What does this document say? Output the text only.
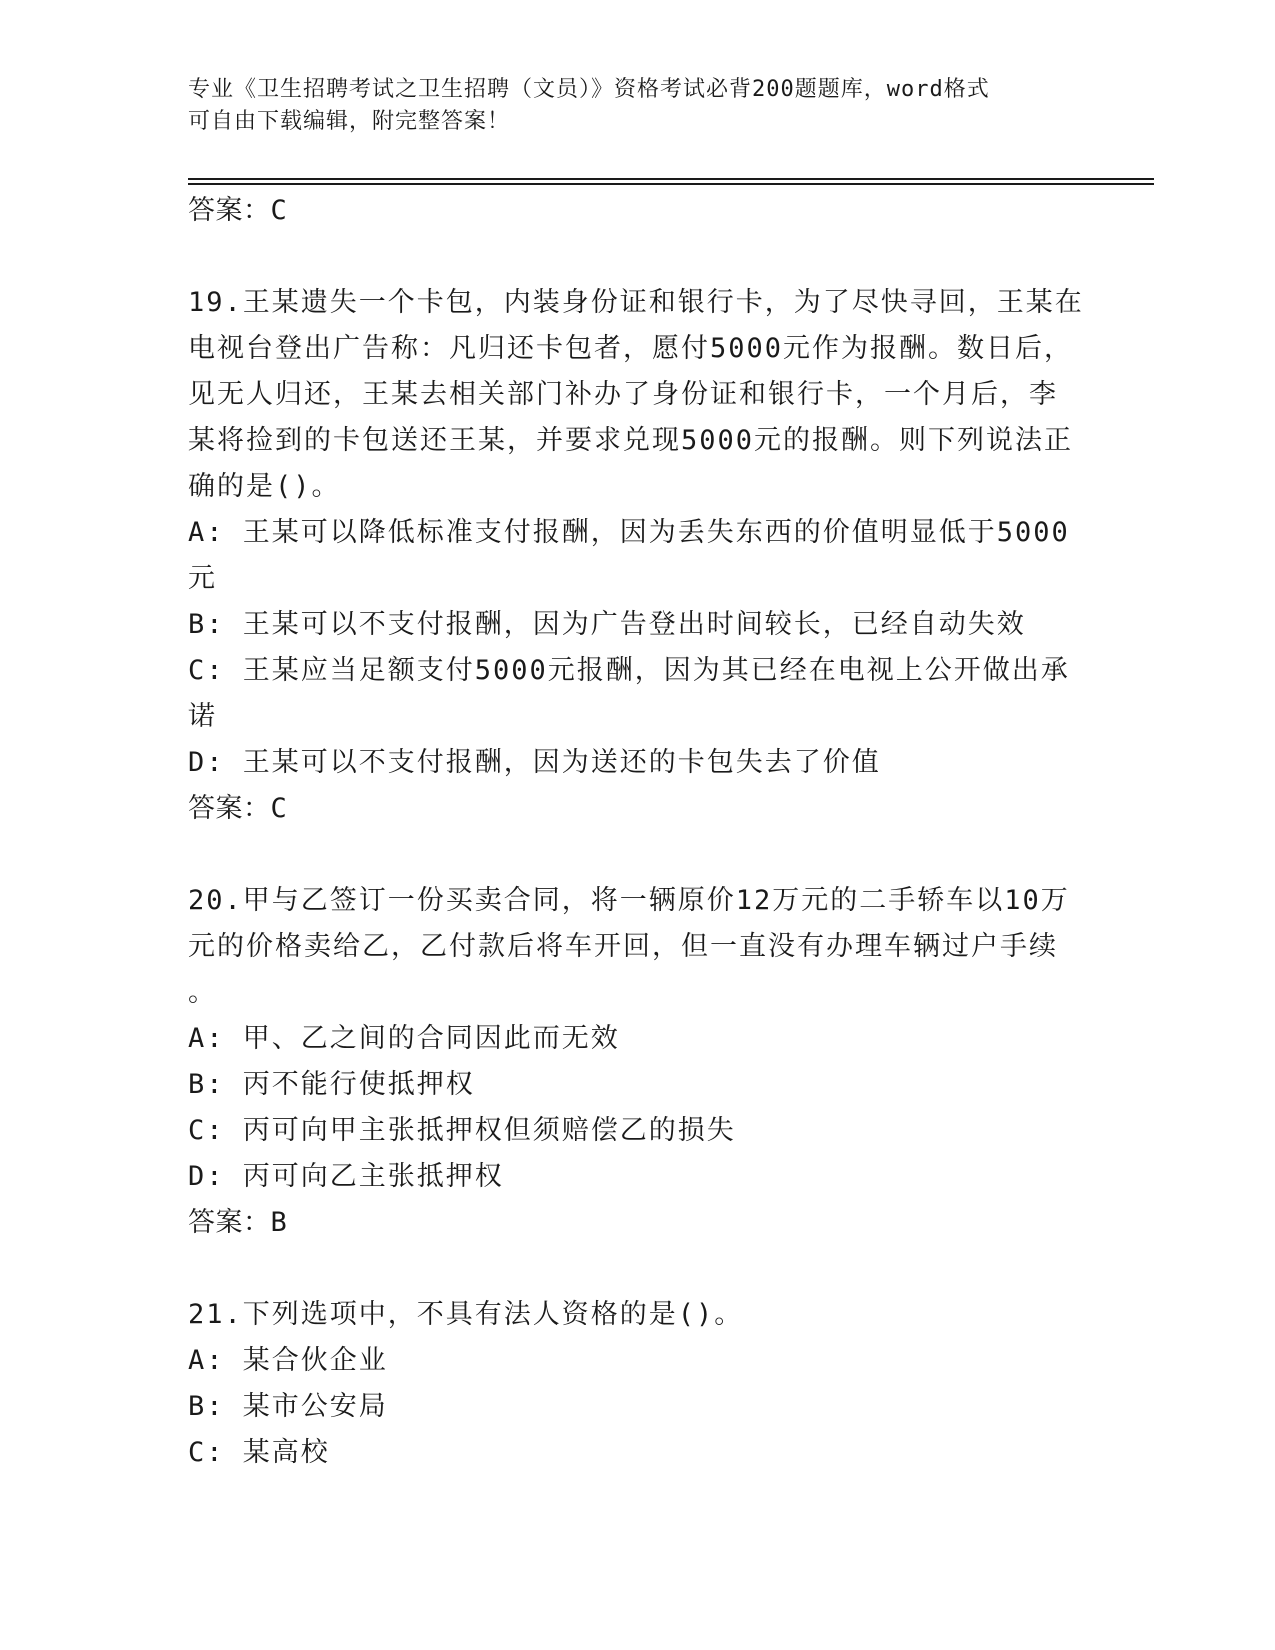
专业《卫生招聘考试之卫生招聘（文员）》资格考试必背200题题库，word格式
可自由下载编辑，附完整答案！
答案：C
19.王某遗失一个卡包，内装身份证和银行卡，为了尽快寻回，王某在
电视台登出广告称：凡归还卡包者，愿付5000元作为报酬。数日后，
见无人归还，王某去相关部门补办了身份证和银行卡，一个月后，李
某将捡到的卡包送还王某，并要求兑现5000元的报酬。则下列说法正
确的是()。
A: 王某可以降低标准支付报酬，因为丢失东西的价值明显低于5000
元
B: 王某可以不支付报酬，因为广告登出时间较长，已经自动失效
C: 王某应当足额支付5000元报酬，因为其已经在电视上公开做出承
诺
D: 王某可以不支付报酬，因为送还的卡包失去了价值
答案：C
20.甲与乙签订一份买卖合同，将一辆原价12万元的二手轿车以10万
元的价格卖给乙，乙付款后将车开回，但一直没有办理车辆过户手续
。
A: 甲、乙之间的合同因此而无效
B: 丙不能行使抵押权
C: 丙可向甲主张抵押权但须赔偿乙的损失
D: 丙可向乙主张抵押权
答案：B
21.下列选项中，不具有法人资格的是()。
A: 某合伙企业
B: 某市公安局
C: 某高校
